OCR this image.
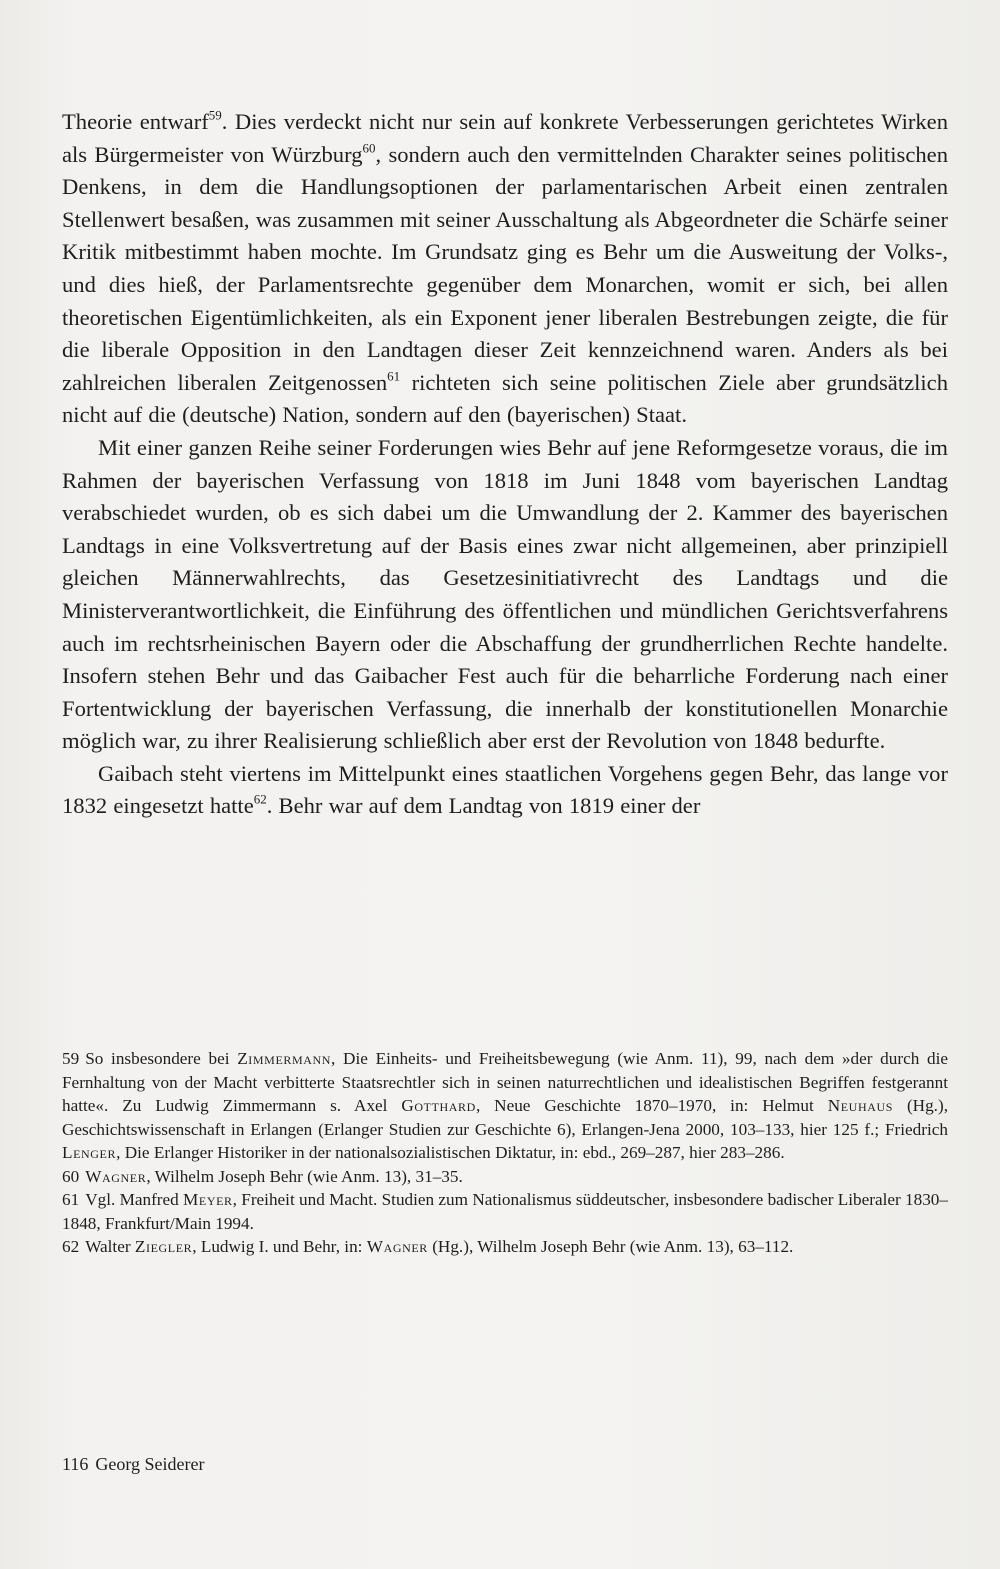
Theorie entwarf$^{59}$. Dies verdeckt nicht nur sein auf konkrete Verbesserungen gerichtetes Wirken als Bürgermeister von Würzburg$^{60}$, sondern auch den vermittelnden Charakter seines politischen Denkens, in dem die Handlungsoptionen der parlamentarischen Arbeit einen zentralen Stellenwert besaßen, was zusammen mit seiner Ausschaltung als Abgeordneter die Schärfe seiner Kritik mitbestimmt haben mochte. Im Grundsatz ging es Behr um die Ausweitung der Volks-, und dies hieß, der Parlamentsrechte gegenüber dem Monarchen, womit er sich, bei allen theoretischen Eigentümlichkeiten, als ein Exponent jener liberalen Bestrebungen zeigte, die für die liberale Opposition in den Landtagen dieser Zeit kennzeichnend waren. Anders als bei zahlreichen liberalen Zeitgenossen$^{61}$ richteten sich seine politischen Ziele aber grundsätzlich nicht auf die (deutsche) Nation, sondern auf den (bayerischen) Staat.

Mit einer ganzen Reihe seiner Forderungen wies Behr auf jene Reformgesetze voraus, die im Rahmen der bayerischen Verfassung von 1818 im Juni 1848 vom bayerischen Landtag verabschiedet wurden, ob es sich dabei um die Umwandlung der 2. Kammer des bayerischen Landtags in eine Volksvertretung auf der Basis eines zwar nicht allgemeinen, aber prinzipiell gleichen Männerwahlrechts, das Gesetzesinitiativrecht des Landtags und die Ministerverantwortlichkeit, die Einführung des öffentlichen und mündlichen Gerichtsverfahrens auch im rechtsrheinischen Bayern oder die Abschaffung der grundherrlichen Rechte handelte. Insofern stehen Behr und das Gaibacher Fest auch für die beharrliche Forderung nach einer Fortentwicklung der bayerischen Verfassung, die innerhalb der konstitutionellen Monarchie möglich war, zu ihrer Realisierung schließlich aber erst der Revolution von 1848 bedurfte.

Gaibach steht viertens im Mittelpunkt eines staatlichen Vorgehens gegen Behr, das lange vor 1832 eingesetzt hatte$^{62}$. Behr war auf dem Landtag von 1819 einer der

59 So insbesondere bei Zimmermann, Die Einheits- und Freiheitsbewegung (wie Anm. 11), 99, nach dem »der durch die Fernhaltung von der Macht verbitterte Staatsrechtler sich in seinen naturrechtlichen und idealistischen Begriffen festgerannt hatte«. Zu Ludwig Zimmermann s. Axel Gotthard, Neue Geschichte 1870–1970, in: Helmut Neuhaus (Hg.), Geschichtswissenschaft in Erlangen (Erlanger Studien zur Geschichte 6), Erlangen-Jena 2000, 103–133, hier 125 f.; Friedrich Lenger, Die Erlanger Historiker in der nationalsozialistischen Diktatur, in: ebd., 269–287, hier 283–286.

60 Wagner, Wilhelm Joseph Behr (wie Anm. 13), 31–35.

61 Vgl. Manfred Meyer, Freiheit und Macht. Studien zum Nationalismus süddeutscher, insbesondere badischer Liberaler 1830–1848, Frankfurt/Main 1994.

62 Walter Ziegler, Ludwig I. und Behr, in: Wagner (Hg.), Wilhelm Joseph Behr (wie Anm. 13), 63–112.

116 Georg Seiderer
